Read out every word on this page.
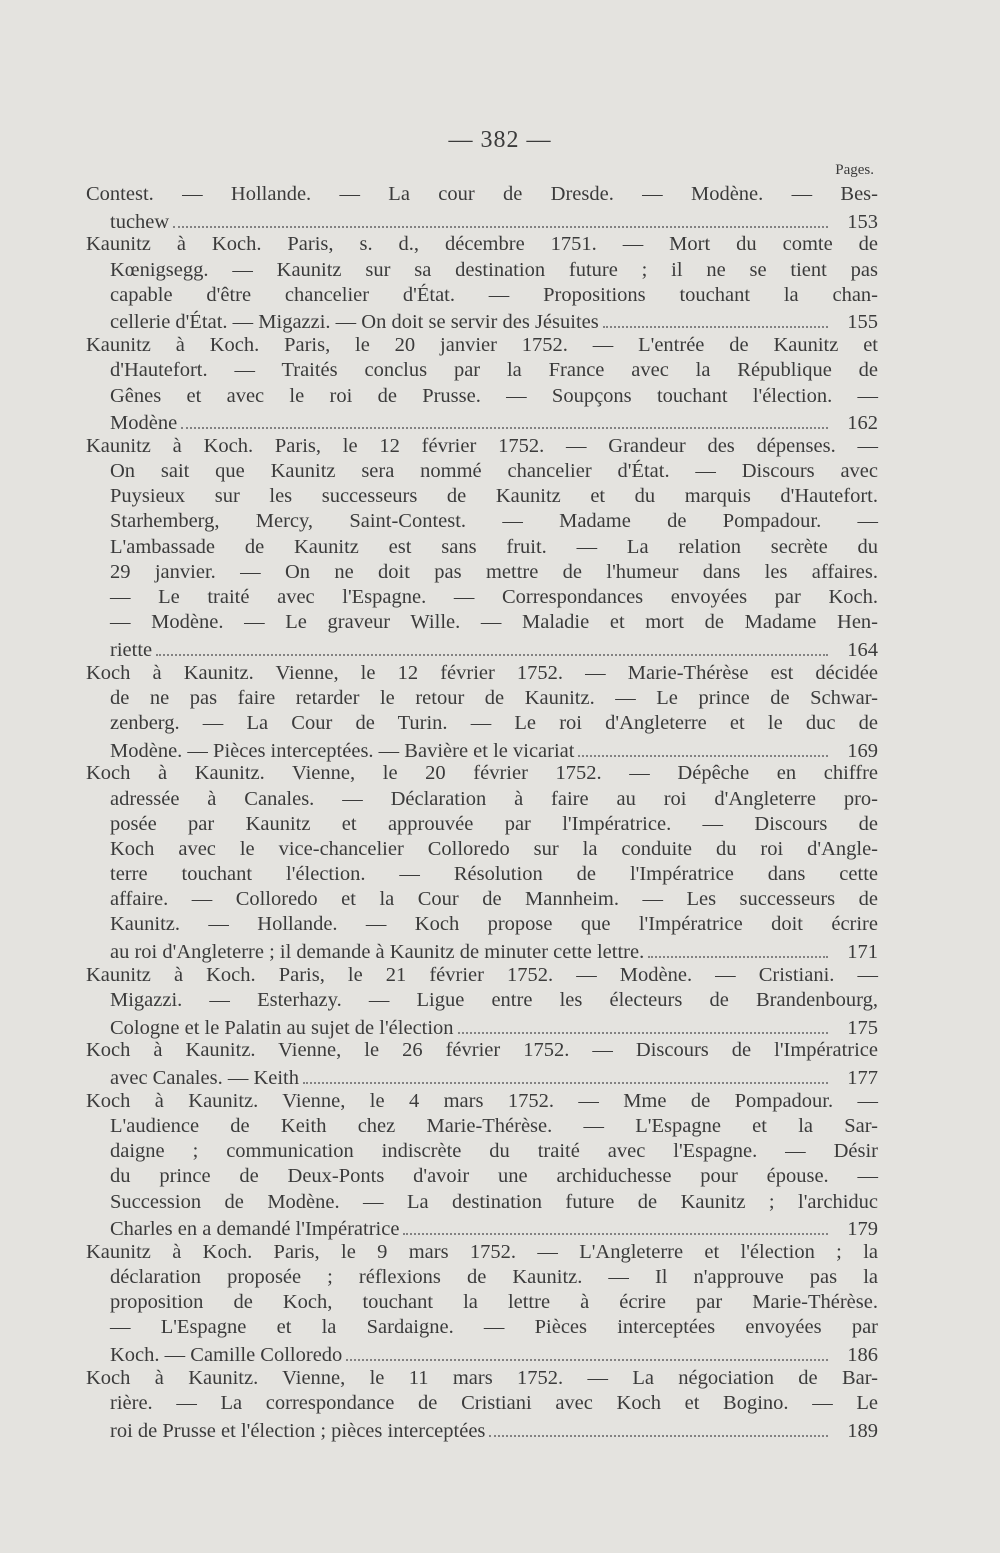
— 382 —
Pages.
Contest. — Hollande. — La cour de Dresde. — Modène. — Bes-
tuchew	153
Kaunitz à Koch. Paris, s. d., décembre 1751. — Mort du comte de
Kœnigsegg. — Kaunitz sur sa destination future ; il ne se tient pas
capable d'être chancelier d'État. — Propositions touchant la chan-
cellerie d'État. — Migazzi. — On doit se servir des Jésuites	155
Kaunitz à Koch. Paris, le 20 janvier 1752. — L'entrée de Kaunitz et
d'Hautefort. — Traités conclus par la France avec la République de
Gênes et avec le roi de Prusse. — Soupçons touchant l'élection. —
Modène	162
Kaunitz à Koch. Paris, le 12 février 1752. — Grandeur des dépenses. —
On sait que Kaunitz sera nommé chancelier d'État. — Discours avec
Puysieux sur les successeurs de Kaunitz et du marquis d'Hautefort.
Starhemberg, Mercy, Saint-Contest. — Madame de Pompadour. —
L'ambassade de Kaunitz est sans fruit. — La relation secrète du
29 janvier. — On ne doit pas mettre de l'humeur dans les affaires.
— Le traité avec l'Espagne. — Correspondances envoyées par Koch.
— Modène. — Le graveur Wille. — Maladie et mort de Madame Hen-
riette	164
Koch à Kaunitz. Vienne, le 12 février 1752. — Marie-Thérèse est décidée
de ne pas faire retarder le retour de Kaunitz. — Le prince de Schwar-
zenberg. — La Cour de Turin. — Le roi d'Angleterre et le duc de
Modène. — Pièces interceptées. — Bavière et le vicariat	169
Koch à Kaunitz. Vienne, le 20 février 1752. — Dépêche en chiffre
adressée à Canales. — Déclaration à faire au roi d'Angleterre pro-
posée par Kaunitz et approuvée par l'Impératrice. — Discours de
Koch avec le vice-chancelier Colloredo sur la conduite du roi d'Angle-
terre touchant l'élection. — Résolution de l'Impératrice dans cette
affaire. — Colloredo et la Cour de Mannheim. — Les successeurs de
Kaunitz. — Hollande. — Koch propose que l'Impératrice doit écrire
au roi d'Angleterre ; il demande à Kaunitz de minuter cette lettre.	171
Kaunitz à Koch. Paris, le 21 février 1752. — Modène. — Cristiani. —
Migazzi. — Esterhazy. — Ligue entre les électeurs de Brandenbourg,
Cologne et le Palatin au sujet de l'élection	175
Koch à Kaunitz. Vienne, le 26 février 1752. — Discours de l'Impératrice
avec Canales. — Keith	177
Koch à Kaunitz. Vienne, le 4 mars 1752. — Mme de Pompadour. —
L'audience de Keith chez Marie-Thérèse. — L'Espagne et la Sar-
daigne ; communication indiscrète du traité avec l'Espagne. — Désir
du prince de Deux-Ponts d'avoir une archiduchesse pour épouse. —
Succession de Modène. — La destination future de Kaunitz ; l'archiduc
Charles en a demandé l'Impératrice	179
Kaunitz à Koch. Paris, le 9 mars 1752. — L'Angleterre et l'élection ; la
déclaration proposée ; réflexions de Kaunitz. — Il n'approuve pas la
proposition de Koch, touchant la lettre à écrire par Marie-Thérèse.
— L'Espagne et la Sardaigne. — Pièces interceptées envoyées par
Koch. — Camille Colloredo	186
Koch à Kaunitz. Vienne, le 11 mars 1752. — La négociation de Bar-
rière. — La correspondance de Cristiani avec Koch et Bogino. — Le
roi de Prusse et l'élection ; pièces interceptées	189
